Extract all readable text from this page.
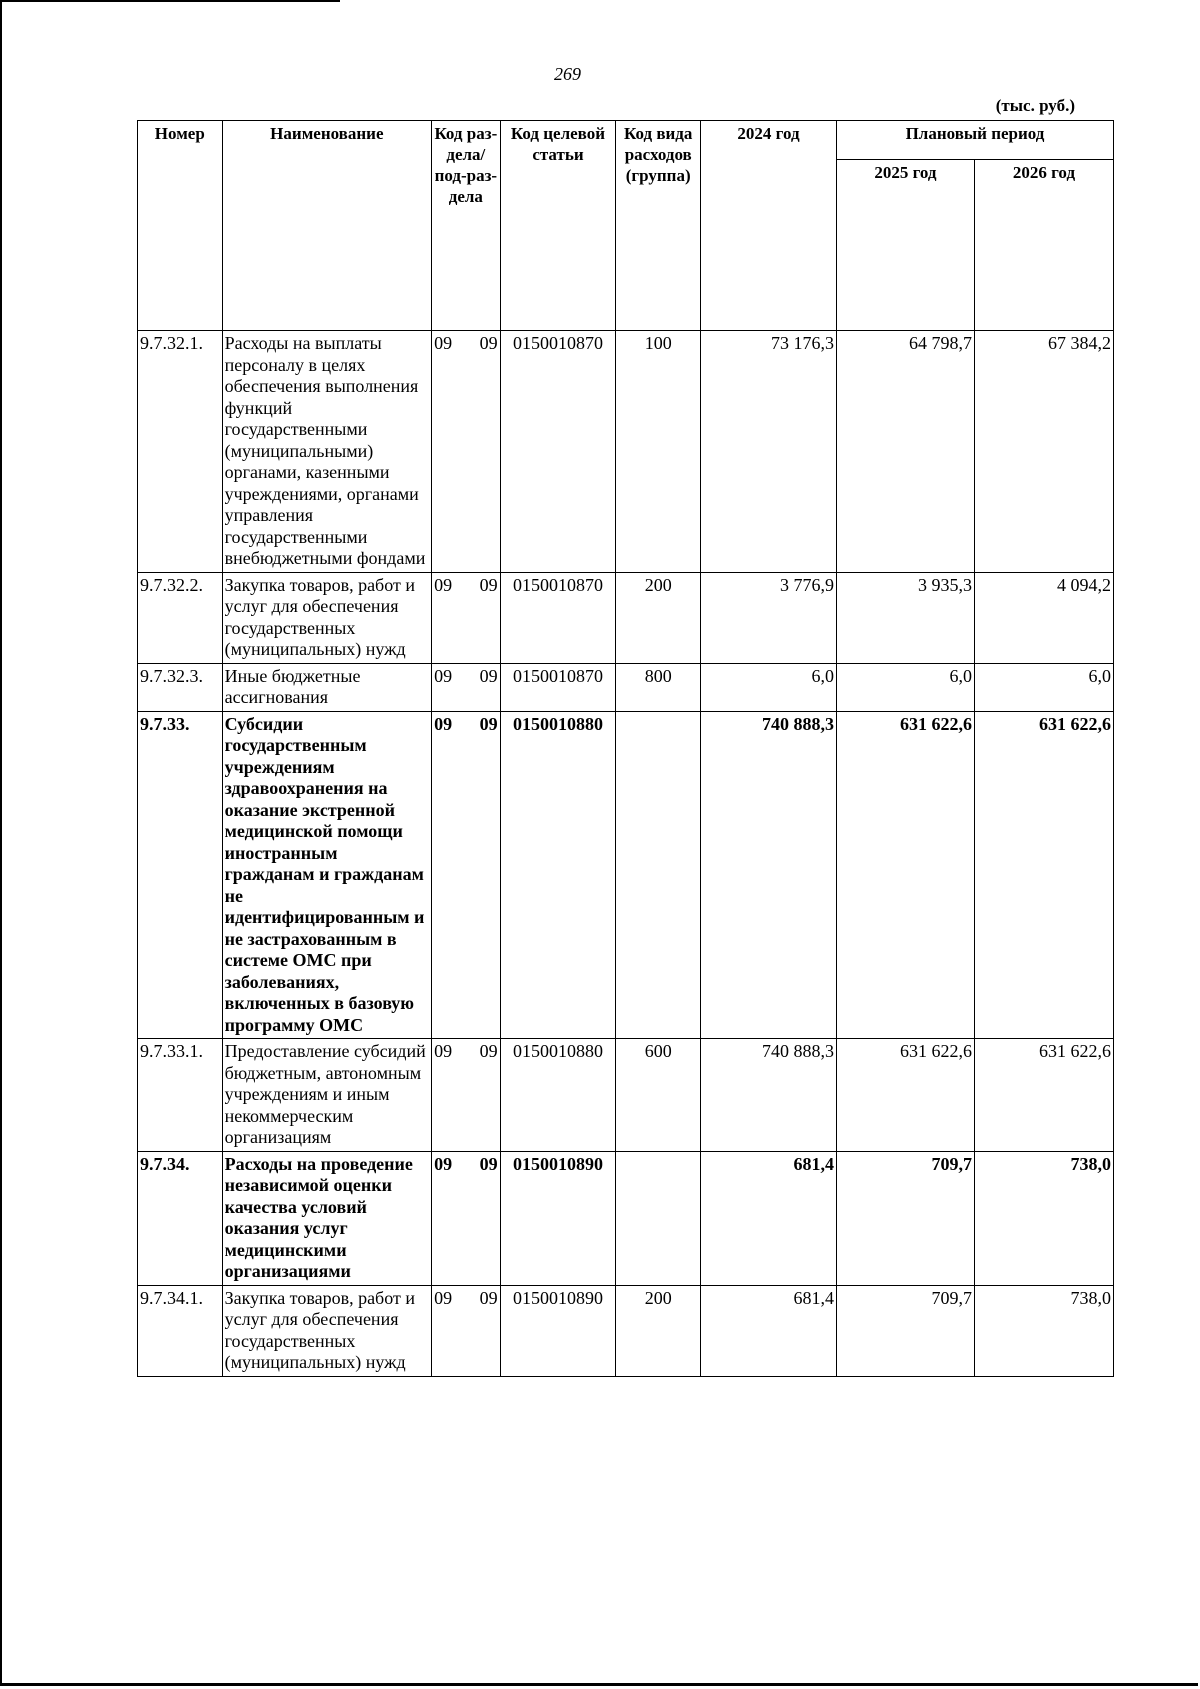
269
(тыс. руб.)
Номер	Наименование	Код раз-дела/ под-раз-дела	Код целевой статьи	Код вида расходов (группа)	2024 год	Плановый период	
						2025 год	2026 год
9.7.32.1.	Расходы на выплаты персоналу в целях обеспечения выполнения функций государственными (муниципальными) органами, казенными учреждениями, органами управления государственными внебюджетными фондами	09 09	0150010870	100	73 176,3	64 798,7	67 384,2
9.7.32.2.	Закупка товаров, работ и услуг для обеспечения государственных (муниципальных) нужд	09 09	0150010870	200	3 776,9	3 935,3	4 094,2
9.7.32.3.	Иные бюджетные ассигнования	09 09	0150010870	800	6,0	6,0	6,0
9.7.33.	Субсидии государственным учреждениям здравоохранения на оказание экстренной медицинской помощи иностранным гражданам и гражданам не идентифицированным и не застрахованным в системе ОМС при заболеваниях, включенных в базовую программу ОМС	09 09	0150010880		740 888,3	631 622,6	631 622,6
9.7.33.1.	Предоставление субсидий бюджетным, автономным учреждениям и иным некоммерческим организациям	09 09	0150010880	600	740 888,3	631 622,6	631 622,6
9.7.34.	Расходы на проведение независимой оценки качества условий оказания услуг медицинскими организациями	09 09	0150010890		681,4	709,7	738,0
9.7.34.1.	Закупка товаров, работ и услуг для обеспечения государственных (муниципальных) нужд	09 09	0150010890	200	681,4	709,7	738,0
